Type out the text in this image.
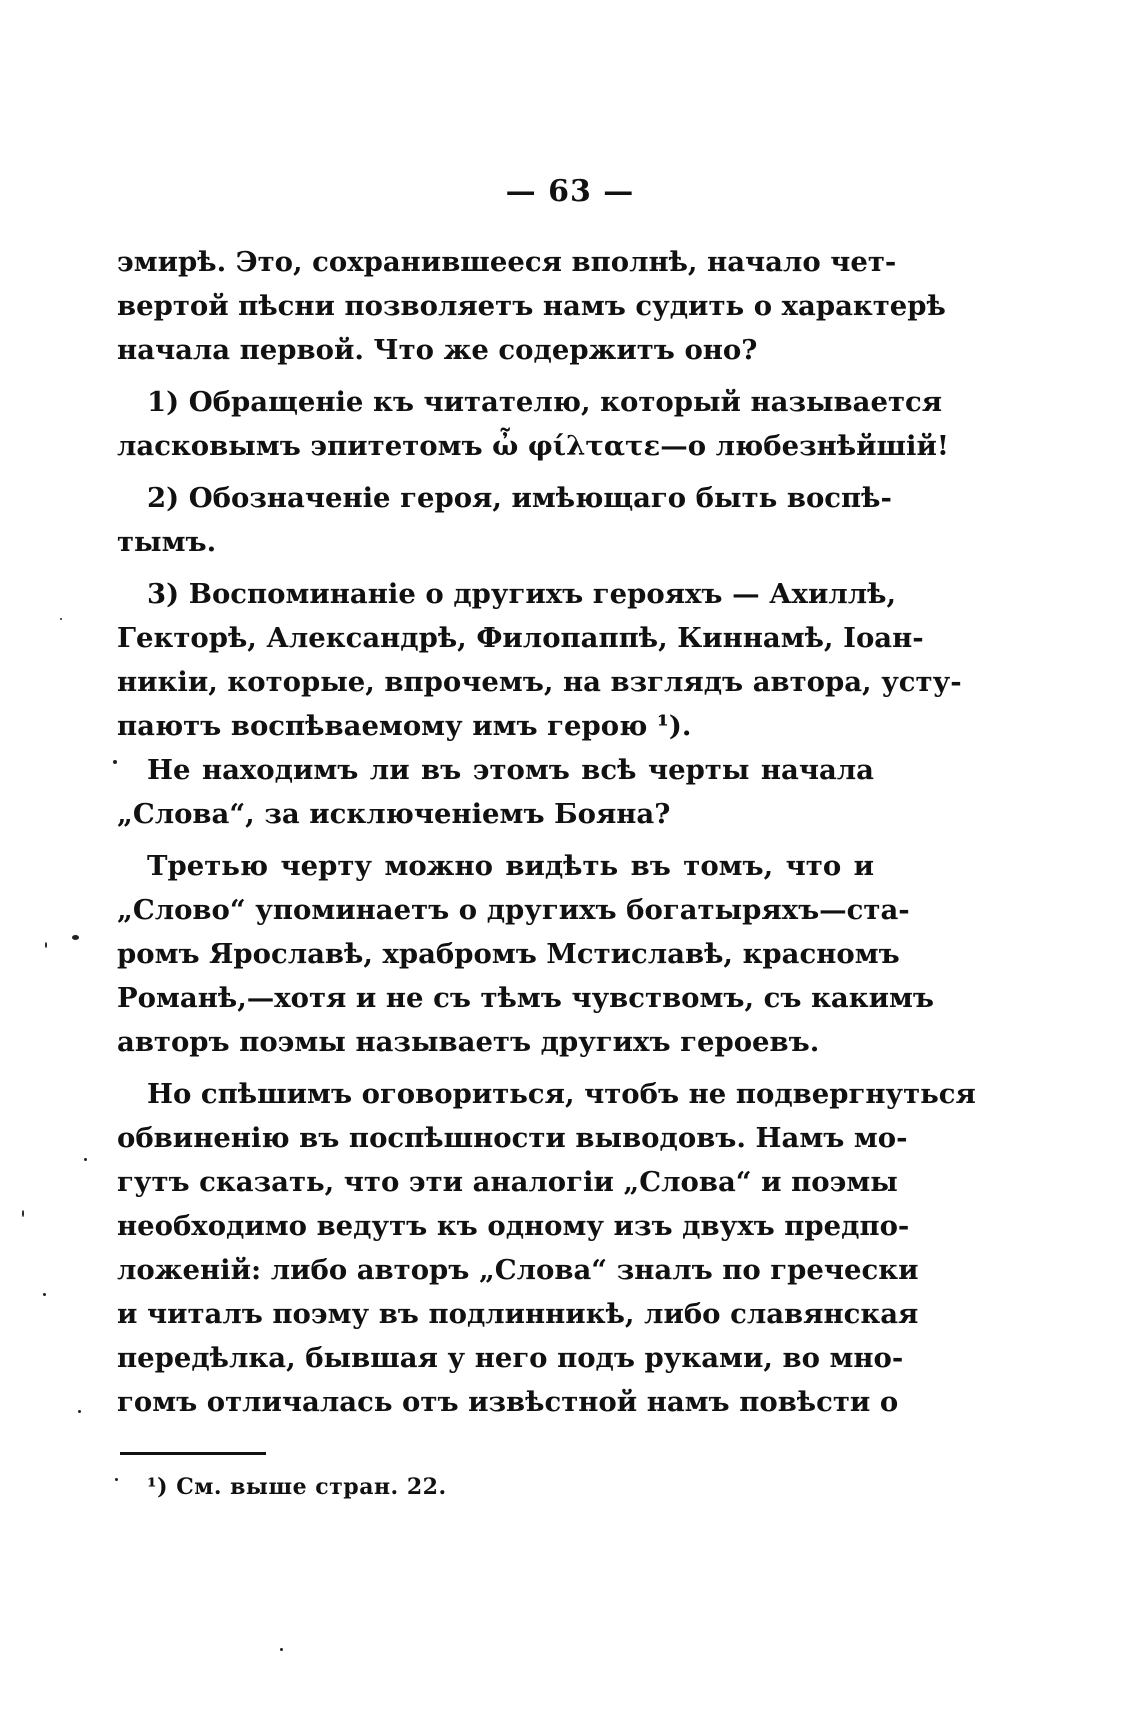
— 63 —
эмирѣ. Это, сохранившееся вполнѣ, начало чет-
вертой пѣсни позволяетъ намъ судить о характерѣ
начала первой. Что же содержитъ оно?
1) Обращеніе къ читателю, который называется
ласковымъ эпитетомъ ὦ φίλτατε—о любезнѣйшій!
2) Обозначеніе героя, имѣющаго быть воспѣ-
тымъ.
3) Воспоминаніе о другихъ герояхъ — Ахиллѣ,
Гекторѣ, Александрѣ, Филопаппѣ, Киннамѣ, Іоан-
никіи, которые, впрочемъ, на взглядъ автора, усту-
паютъ воспѣваемому имъ герою ¹).
Не находимъ ли въ этомъ всѣ черты начала
„Слова“, за исключеніемъ Бояна?
Третью черту можно видѣть въ томъ, что и
„Слово“ упоминаетъ о другихъ богатыряхъ—ста-
ромъ Ярославѣ, храбромъ Мстиславѣ, красномъ
Романѣ,—хотя и не съ тѣмъ чувствомъ, съ какимъ
авторъ поэмы называетъ другихъ героевъ.
Но спѣшимъ оговориться, чтобъ не подвергнуться
обвиненію въ поспѣшности выводовъ. Намъ мо-
гутъ сказать, что эти аналогіи „Слова“ и поэмы
необходимо ведутъ къ одному изъ двухъ предпо-
ложеній: либо авторъ „Слова“ зналъ по гречески
и читалъ поэму въ подлинникѣ, либо славянская
передѣлка, бывшая у него подъ руками, во мно-
гомъ отличалась отъ извѣстной намъ повѣсти о
¹) См. выше стран. 22.
